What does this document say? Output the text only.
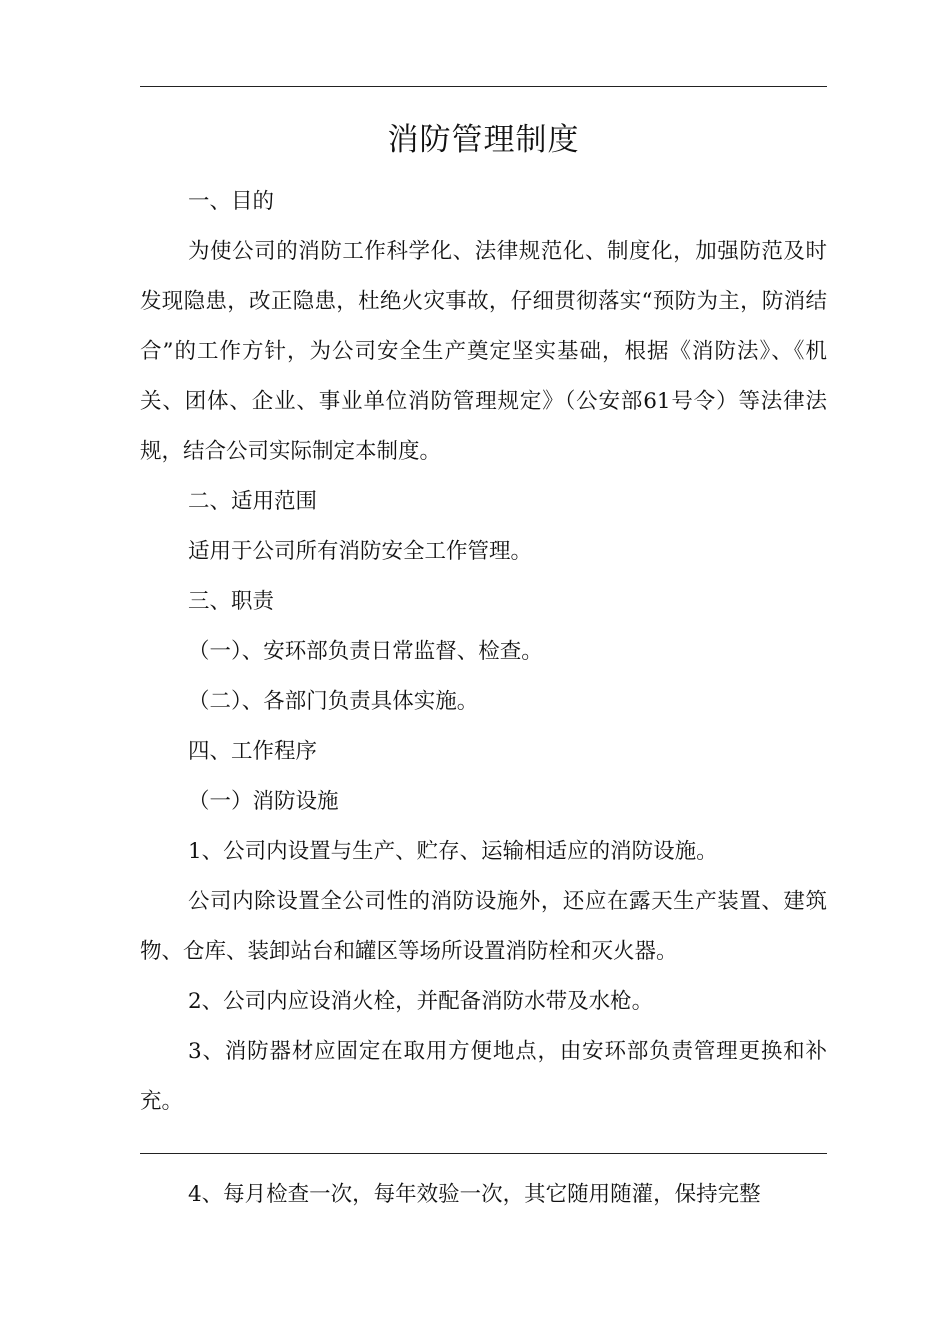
消防管理制度

一、目的

为使公司的消防工作科学化、法律规范化、制度化，加强防范及时发现隐患，改正隐患，杜绝火灾事故，仔细贯彻落实“预防为主，防消结合”的工作方针，为公司安全生产奠定坚实基础，根据《消防法》、《机关、团体、企业、事业单位消防管理规定》（公安部61号令）等法律法规，结合公司实际制定本制度。

二、适用范围

适用于公司所有消防安全工作管理。

三、职责

（一）、安环部负责日常监督、检查。

（二）、各部门负责具体实施。

四、工作程序

（一）消防设施

1、公司内设置与生产、贮存、运输相适应的消防设施。

公司内除设置全公司性的消防设施外，还应在露天生产装置、建筑物、仓库、装卸站台和罐区等场所设置消防栓和灭火器。

2、公司内应设消火栓，并配备消防水带及水枪。

3、消防器材应固定在取用方便地点，由安环部负责管理更换和补充。

4、每月检查一次，每年效验一次，其它随用随灌，保持完整
